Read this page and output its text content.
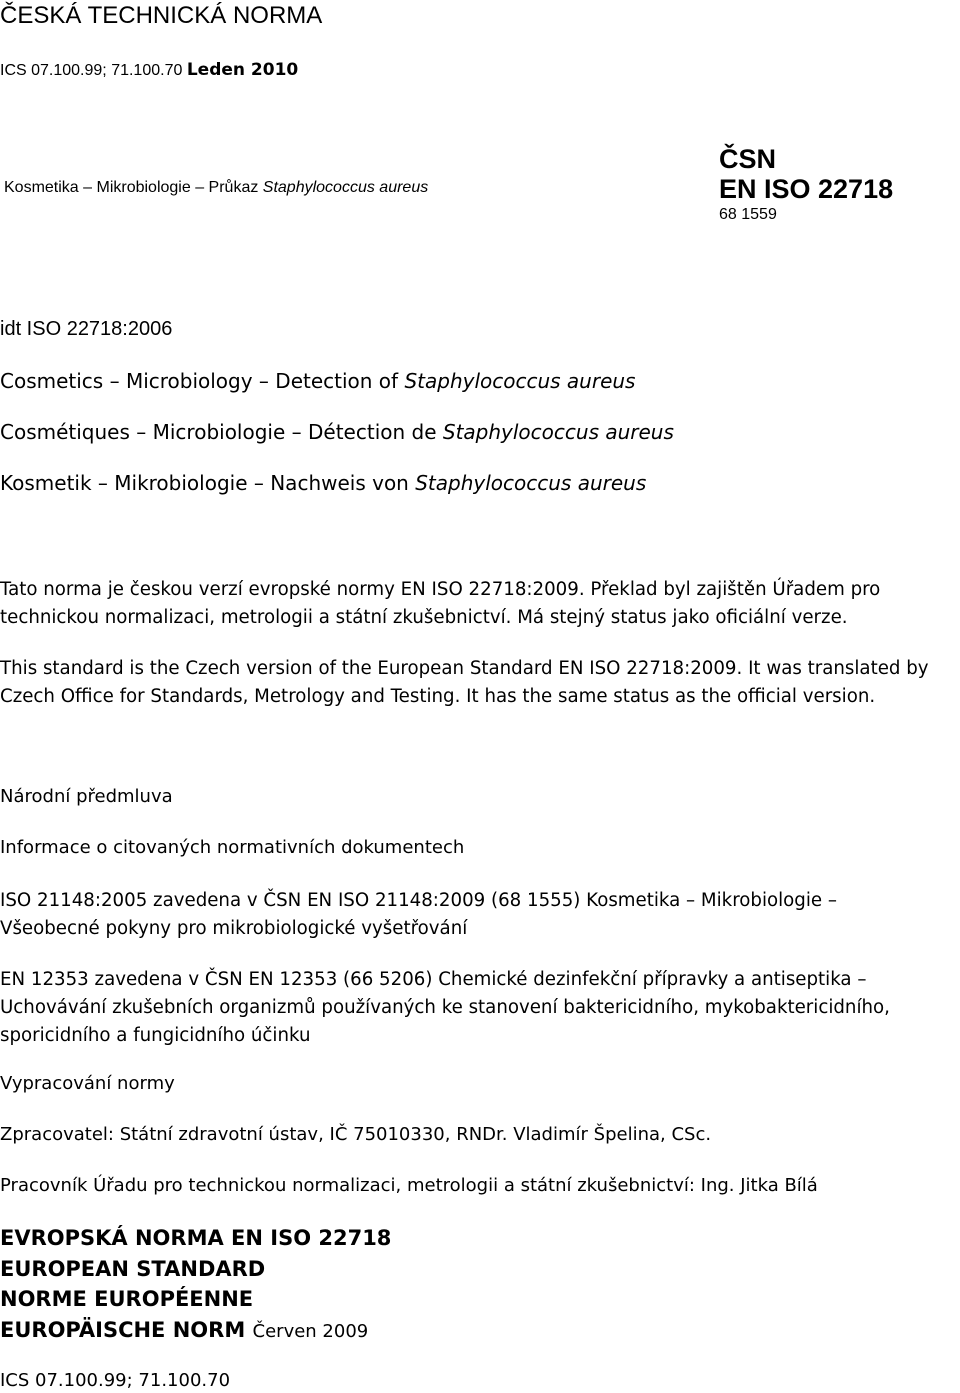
ČESKÁ TECHNICKÁ NORMA
ICS 07.100.99; 71.100.70 Leden 2010
Kosmetika – Mikrobiologie – Průkaz Staphylococcus aureus
ČSN
EN ISO 22718
68 1559
idt ISO 22718:2006
Cosmetics – Microbiology – Detection of Staphylococcus aureus
Cosmétiques – Microbiologie – Détection de Staphylococcus aureus
Kosmetik – Mikrobiologie – Nachweis von Staphylococcus aureus
Tato norma je českou verzí evropské normy EN ISO 22718:2009. Překlad byl zajištěn Úřadem pro
technickou normalizaci, metrologii a státní zkušebnictví. Má stejný status jako oficiální verze.
This standard is the Czech version of the European Standard EN ISO 22718:2009. It was translated by
Czech Office for Standards, Metrology and Testing. It has the same status as the official version.
Národní předmluva
Informace o citovaných normativních dokumentech
ISO 21148:2005 zavedena v ČSN EN ISO 21148:2009 (68 1555) Kosmetika – Mikrobiologie –
Všeobecné pokyny pro mikrobiologické vyšetřování
EN 12353 zavedena v ČSN EN 12353 (66 5206) Chemické dezinfekční přípravky a antiseptika –
Uchovávání zkušebních organizmů používaných ke stanovení baktericidního, mykobaktericidního,
sporicidního a fungicidního účinku
Vypracování normy
Zpracovatel: Státní zdravotní ústav, IČ 75010330, RNDr. Vladimír Špelina, CSc.
Pracovník Úřadu pro technickou normalizaci, metrologii a státní zkušebnictví: Ing. Jitka Bílá
EVROPSKÁ NORMA EN ISO 22718
EUROPEAN STANDARD
NORME EUROPÉENNE
EUROPÄISCHE NORM Červen 2009
ICS 07.100.99; 71.100.70
